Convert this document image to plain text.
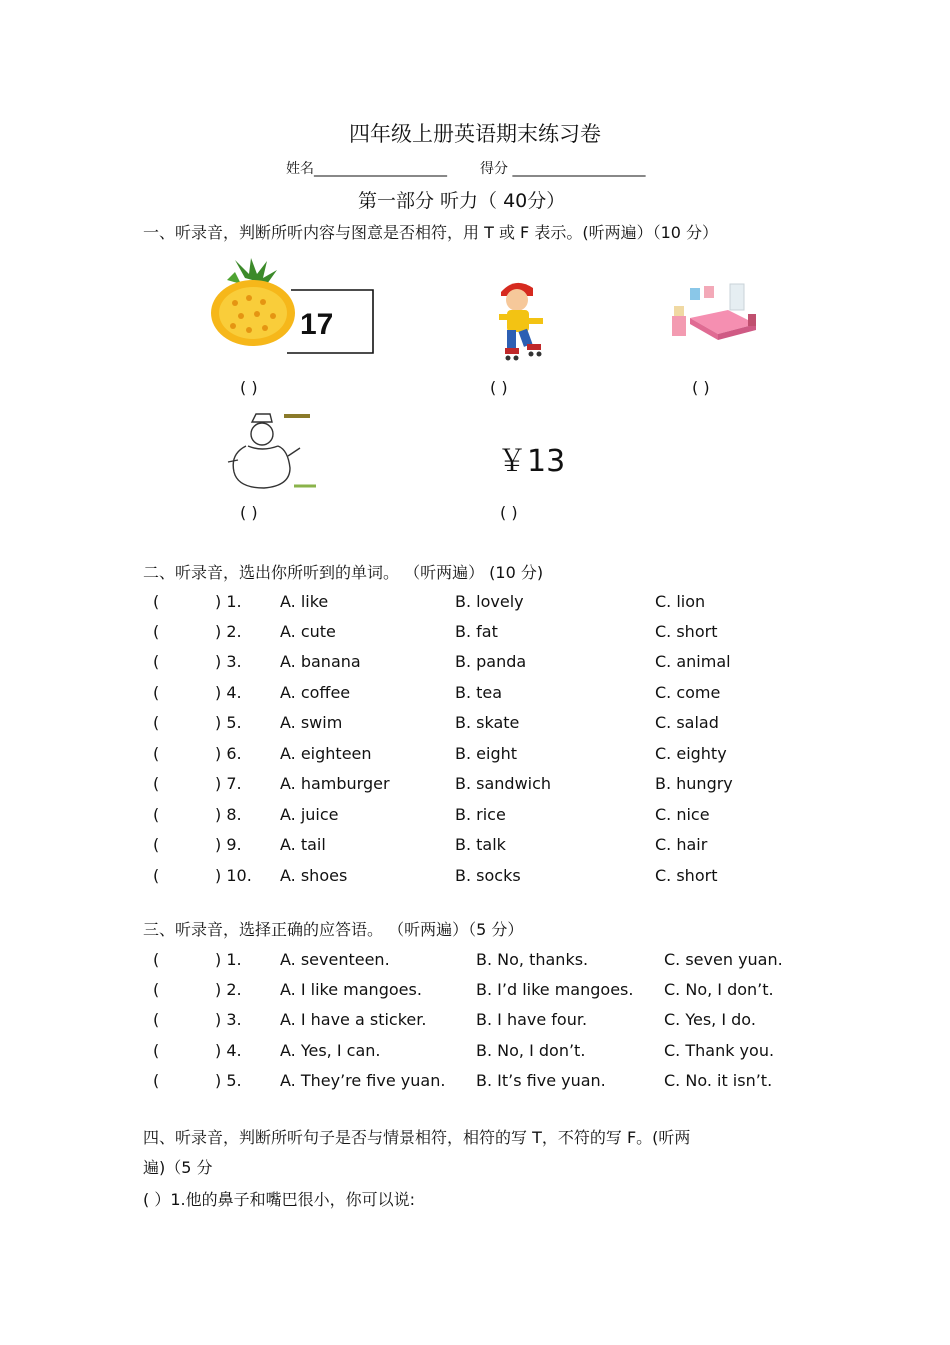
四年级上册英语期末练习卷
姓名___________________ 得分 ___________________
第一部分 听力（ 40分）
一、听录音，判断所听内容与图意是否相符，用 T 或 F 表示。(听两遍）（10 分）
17
( )	( )	( )
( )
￥13
( )
二、听录音，选出你所听到的单词。 （听两遍） (10 分)
(	) 1. A. like	B. lovely	C. lion
(	) 2. A. cute	B. fat	C. short
(	) 3. A. banana	B. panda	C. animal
(	) 4. A. coffee	B. tea	C. come
(	) 5. A. swim	B. skate	C. salad
(	) 6. A. eighteen	B. eight	C. eighty
(	) 7. A. hamburger	B. sandwich	B. hungry
(	) 8. A. juice	B. rice	C. nice
(	) 9. A. tail	B. talk	C. hair
(	) 10. A. shoes	B. socks	C. short
三、听录音，选择正确的应答语。 （听两遍）（5 分）
(	) 1. A. seventeen.	B. No, thanks.	C. seven yuan.
(	) 2. A. I like mangoes.	B. I’d like mangoes. C. No, I don’t.
(	) 3. A. I have a sticker.	B. I have four.	C. Yes, I do.
(	) 4. A. Yes, I can.	B. No, I don’t.	C. Thank you.
(	) 5. A. They’re five yuan. B. It’s five yuan.	C. No. it isn’t.
四、听录音，判断所听句子是否与情景相符，相符的写 T，不符的写 F。(听两
遍)（5 分
( ）1.他的鼻子和嘴巴很小，你可以说:
